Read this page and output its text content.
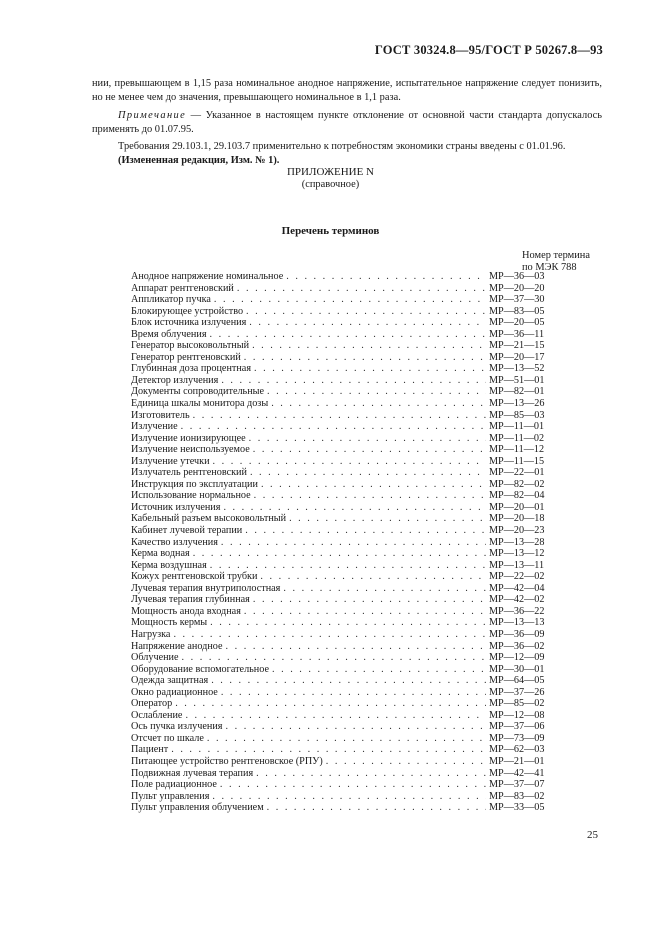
ГОСТ 30324.8—95/ГОСТ Р 50267.8—93
нии, превышающем в 1,15 раза номинальное анодное напряжение, испытательное напряжение следует понизить, но не менее чем до значения, превышающего номинальное в 1,1 раза.
Примечание — Указанное в настоящем пункте отклонение от основной части стандарта допускалось применять до 01.07.95.
Требования 29.103.1, 29.103.7 применительно к потребностям экономики страны введены с 01.01.96.
(Измененная редакция, Изм. № 1).
ПРИЛОЖЕНИЕ N
(справочное)
Перечень терминов
Номер термина
по МЭК 788
Анодное напряжение номинальное . . .	MP—36—03
Аппарат рентгеновский . . .	MP—20—20
Аппликатор пучка . . .	MP—37—30
Блокирующее устройство . . .	MP—83—05
Блок источника излучения . . .	MP—20—05
Время облучения . . .	MP—36—11
Генератор высоковольтный . . .	MP—21—15
Генератор рентгеновский . . .	MP—20—17
Глубинная доза процентная . . .	MP—13—52
Детектор излучения . . .	MP—51—01
Документы сопроводительные . . .	MP—82—01
Единица шкалы монитора дозы . . .	MP—13—26
Изготовитель . . .	MP—85—03
Излучение . . .	MP—11—01
Излучение ионизирующее . . .	MP—11—02
Излучение неиспользуемое . . .	MP—11—12
Излучение утечки . . .	MP—11—15
Излучатель рентгеновский . . .	MP—22—01
Инструкция по эксплуатации . . .	MP—82—02
Использование нормальное . . .	MP—82—04
Источник излучения . . .	MP—20—01
Кабельный разъем высоковольтный . . .	MP—20—18
Кабинет лучевой терапии . . .	MP—20—23
Качество излучения . . .	MP—13—28
Керма водная . . .	MP—13—12
Керма воздушная . . .	MP—13—11
Кожух рентгеновской трубки . . .	MP—22—02
Лучевая терапия внутриполостная . . .	MP—42—04
Лучевая терапия глубинная . . .	MP—42—02
Мощность анода входная . . .	MP—36—22
Мощность кермы . . .	MP—13—13
Нагрузка . . .	MP—36—09
Напряжение анодное . . .	MP—36—02
Облучение . . .	MP—12—09
Оборудование вспомогательное . . .	MP—30—01
Одежда защитная . . .	MP—64—05
Окно радиационное . . .	MP—37—26
Оператор . . .	MP—85—02
Ослабление . . .	MP—12—08
Ось пучка излучения . . .	MP—37—06
Отсчет по шкале . . .	MP—73—09
Пациент . . .	MP—62—03
Питающее устройство рентгеновское (РПУ) . . .	MP—21—01
Подвижная лучевая терапия . . .	MP—42—41
Поле радиационное . . .	MP—37—07
Пульт управления . . .	MP—83—02
Пульт управления облучением . . .	MP—33—05
25
